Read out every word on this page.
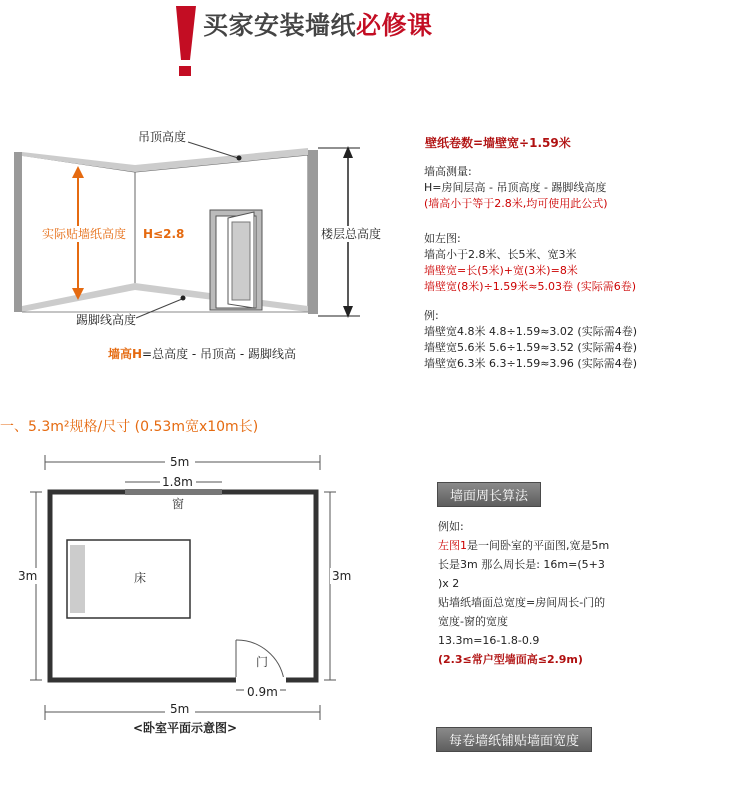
买家安装墙纸必修课
实际贴墙纸高度 H≤2.8	楼层总高度
吊顶高度
踢脚线高度
墙高H=总高度 - 吊顶高 - 踢脚线高
壁纸卷数=墙壁宽÷1.59米
墙高测量:
H=房间层高 - 吊顶高度 - 踢脚线高度
(墙高小于等于2.8米,均可使用此公式)
如左图:
墙高小于2.8米、长5米、宽3米
墙壁宽=长(5米)+宽(3米)=8米
墙壁宽(8米)÷1.59米≈5.03卷 (实际需6卷)
例:
墙壁宽4.8米 4.8÷1.59≈3.02 (实际需4卷)
墙壁宽5.6米 5.6÷1.59≈3.52 (实际需4卷)
墙壁宽6.3米 6.3÷1.59≈3.96 (实际需4卷)
一、5.3m²规格/尺寸 (0.53m宽x10m长)
5m
1.8m
窗
3m	3m
床
门
0.9m
5m
<卧室平面示意图>
墙面周长算法
例如:
左图1是一间卧室的平面图,宽是5m
长是3m 那么周长是: 16m=(5+3
)x 2
贴墙纸墙面总宽度=房间周长-门的
宽度-窗的宽度
13.3m=16-1.8-0.9
(2.3≤常户型墙面高≤2.9m)
每卷墙纸铺贴墙面宽度
